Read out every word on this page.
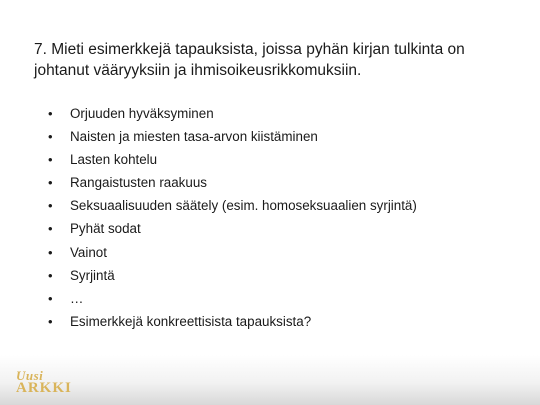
7. Mieti esimerkkejä tapauksista, joissa pyhän kirjan tulkinta on johtanut vääryyksiin ja ihmisoikeusrikkomuksiin.

•	Orjuuden hyväksyminen
•	Naisten ja miesten tasa-arvon kiistäminen
•	Lasten kohtelu
•	Rangaistusten raakuus
•	Seksuaalisuuden säätely (esim. homoseksuaalien syrjintä)
•	Pyhät sodat
•	Vainot
•	Syrjintä
•	…
•	Esimerkkejä konkreettisista tapauksista?
Uusi
ARKKI
